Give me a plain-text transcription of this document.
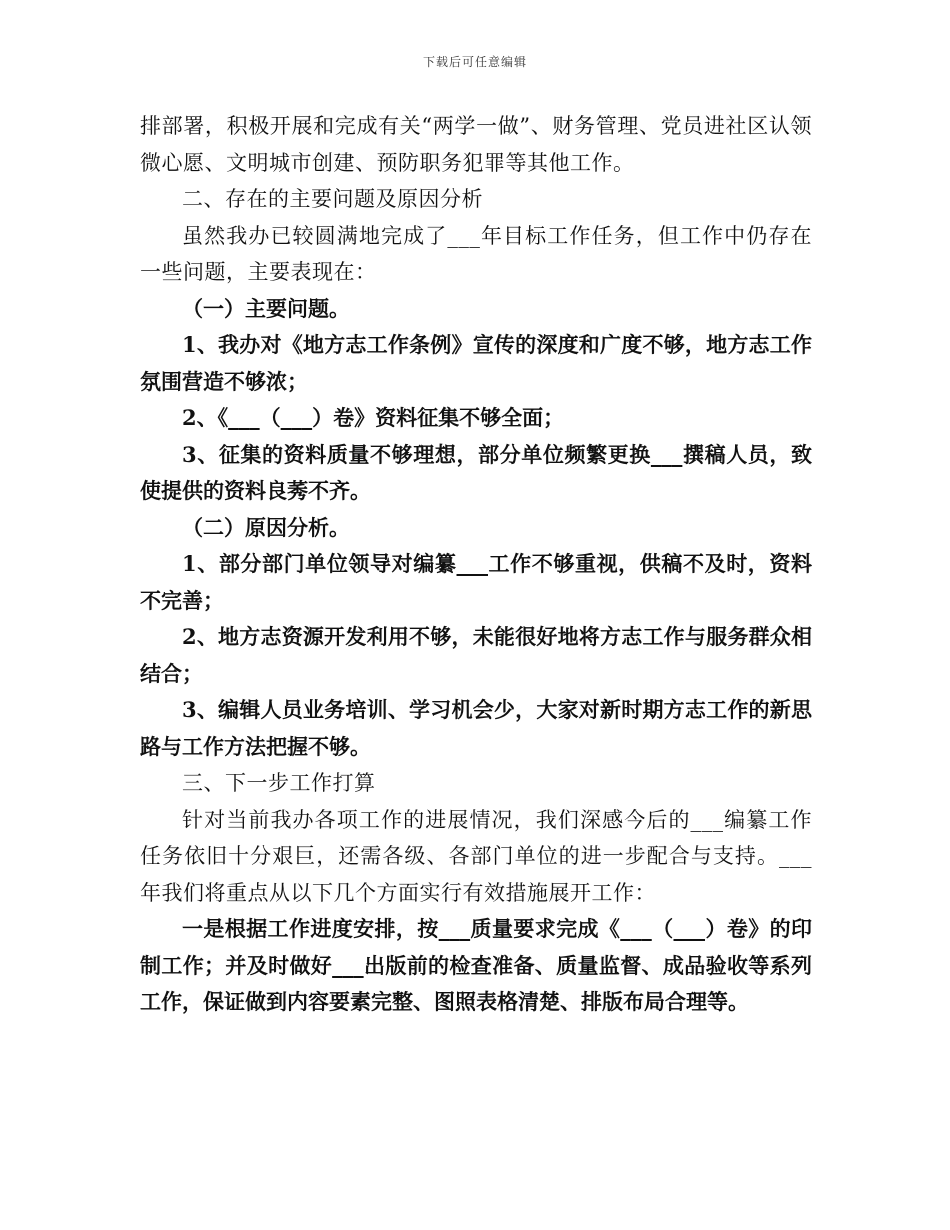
下载后可任意编辑

排部署，积极开展和完成有关“两学一做”、财务管理、党员进社区认领微心愿、文明城市创建、预防职务犯罪等其他工作。

二、存在的主要问题及原因分析

虽然我办已较圆满地完成了___年目标工作任务，但工作中仍存在一些问题，主要表现在：

（一）主要问题。

1、我办对《地方志工作条例》宣传的深度和广度不够，地方志工作氛围营造不够浓；

2、《___（___）卷》资料征集不够全面；

3、征集的资料质量不够理想，部分单位频繁更换___撰稿人员，致使提供的资料良莠不齐。

（二）原因分析。

1、部分部门单位领导对编纂___工作不够重视，供稿不及时，资料不完善；

2、地方志资源开发利用不够，未能很好地将方志工作与服务群众相结合；

3、编辑人员业务培训、学习机会少，大家对新时期方志工作的新思路与工作方法把握不够。

三、下一步工作打算

针对当前我办各项工作的进展情况，我们深感今后的___编纂工作任务依旧十分艰巨，还需各级、各部门单位的进一步配合与支持。___年我们将重点从以下几个方面实行有效措施展开工作：

一是根据工作进度安排，按___质量要求完成《___（___）卷》的印制工作；并及时做好___出版前的检查准备、质量监督、成品验收等系列工作，保证做到内容要素完整、图照表格清楚、排版布局合理等。
